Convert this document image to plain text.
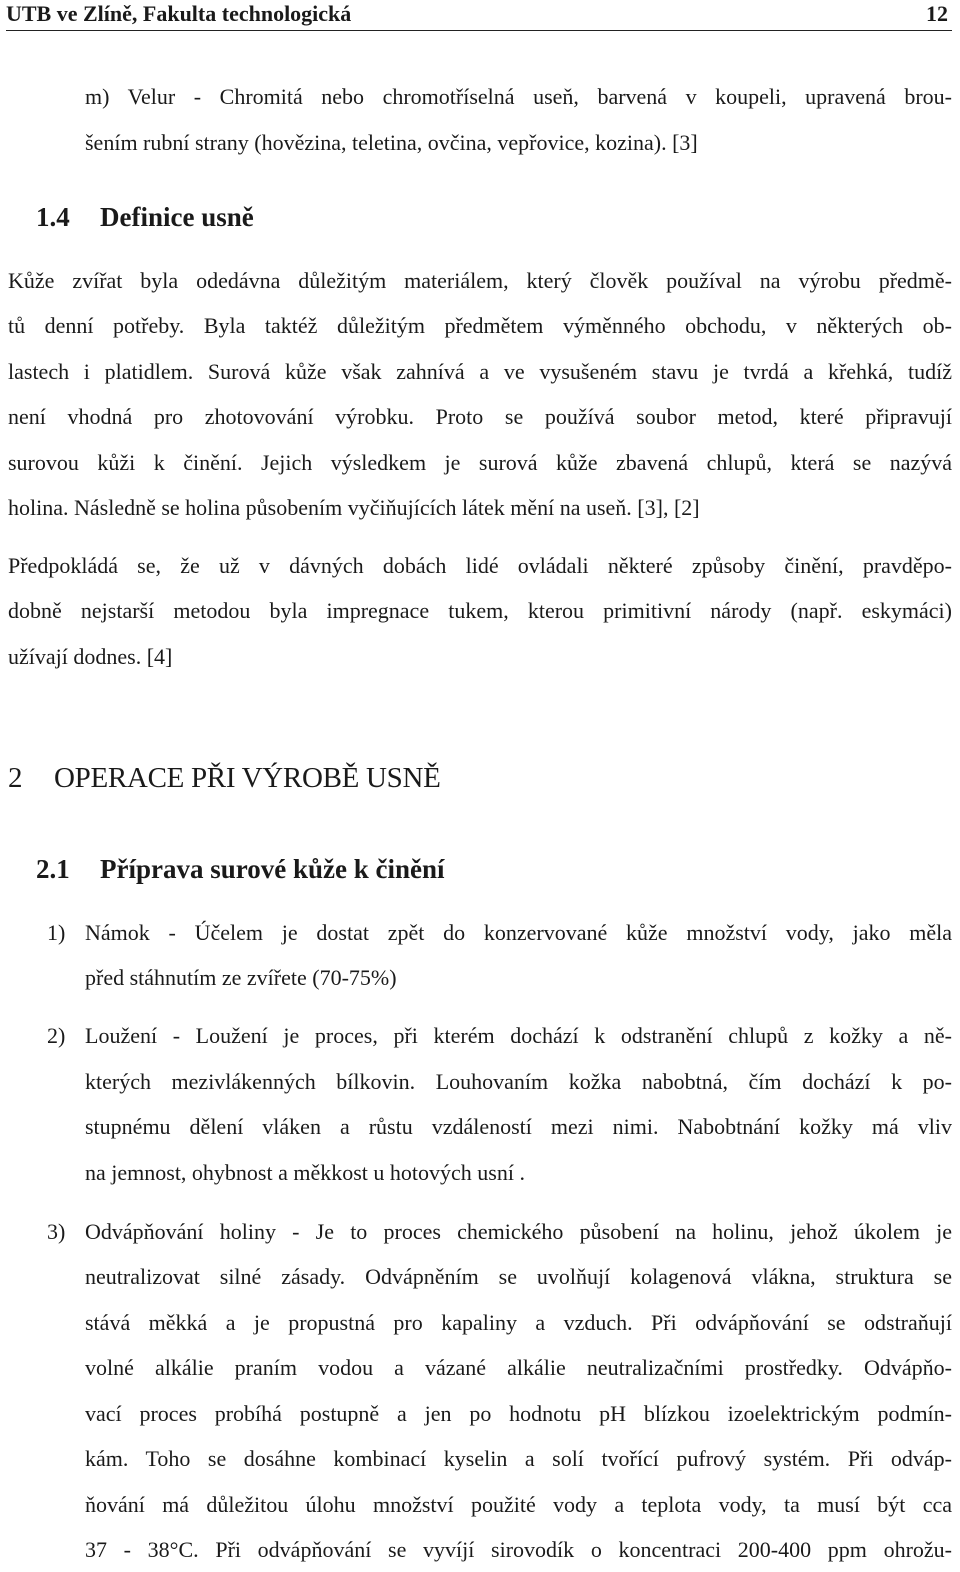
UTB ve Zlíně, Fakulta technologická	12
m) Velur - Chromitá nebo chromotříselná useň, barvená v koupeli, upravená brou-
šením rubní strany (hovězina, teletina, ovčina, vepřovice, kozina). [3]
1.4 Definice usně
Kůže zvířat byla odedávna důležitým materiálem, který člověk používal na výrobu předmě-
tů denní potřeby. Byla taktéž důležitým předmětem výměnného obchodu, v některých ob-
lastech i platidlem. Surová kůže však zahnívá a ve vysušeném stavu je tvrdá a křehká, tudíž
není vhodná pro zhotovování výrobku. Proto se používá soubor metod, které připravují
surovou kůži k činění. Jejich výsledkem je surová kůže zbavená chlupů, která se nazývá
holina. Následně se holina působením vyčiňujících látek mění na useň. [3], [2]
Předpokládá se, že už v dávných dobách lidé ovládali některé způsoby činění, pravděpo-
dobně nejstarší metodou byla impregnace tukem, kterou primitivní národy (např. eskymáci)
užívají dodnes. [4]
2 OPERACE PŘI VÝROBĚ USNĚ
2.1 Příprava surové kůže k činění
1) Námok - Účelem je dostat zpět do konzervované kůže množství vody, jako měla
před stáhnutím ze zvířete (70-75%)
2) Loužení - Loužení je proces, při kterém dochází k odstranění chlupů z kožky a ně-
kterých mezivlákenných bílkovin. Louhovaním kožka nabobtná, čím dochází k po-
stupnému dělení vláken a růstu vzdáleností mezi nimi. Nabobtnání kožky má vliv
na jemnost, ohybnost a měkkost u hotových usní .
3) Odvápňování holiny - Je to proces chemického působení na holinu, jehož úkolem je
neutralizovat silné zásady. Odvápněním se uvolňují kolagenová vlákna, struktura se
stává měkká a je propustná pro kapaliny a vzduch. Při odvápňování se odstraňují
volné alkálie praním vodou a vázané alkálie neutralizačními prostředky. Odvápňo-
vací proces probíhá postupně a jen po hodnotu pH blízkou izoelektrickým podmín-
kám. Toho se dosáhne kombinací kyselin a solí tvořící pufrový systém. Při odváp-
ňování má důležitou úlohu množství použité vody a teplota vody, ta musí být cca
37 - 38°C. Při odvápňování se vyvíjí sirovodík o koncentraci 200-400 ppm ohrožu-
